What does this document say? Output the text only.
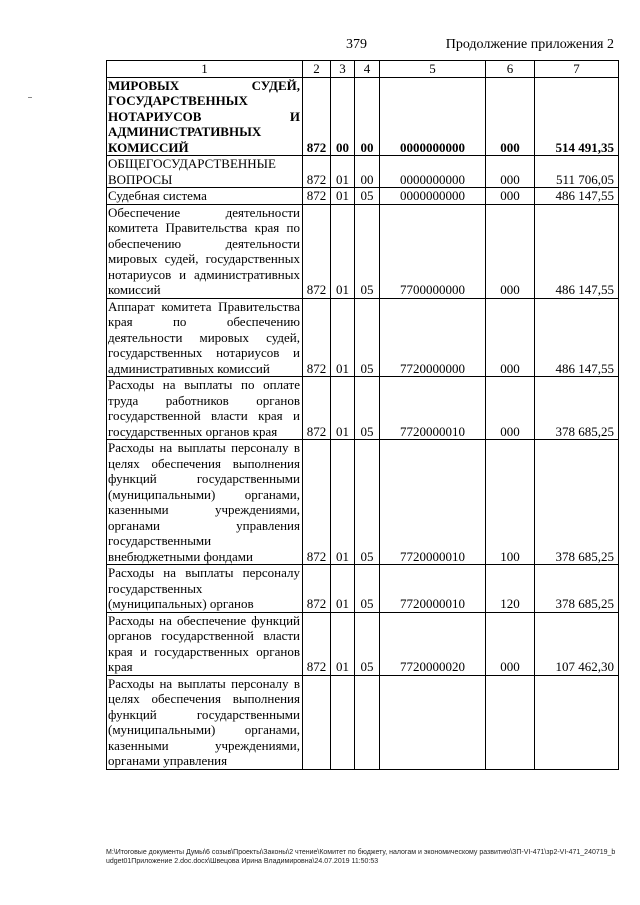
379	Продолжение приложения 2
1	2	3	4	5	6	7
МИРОВЫХ СУДЕЙ, ГОСУДАРСТВЕННЫХ НОТАРИУСОВ И АДМИНИСТРАТИВНЫХ КОМИССИЙ	872	00	00	0000000000	000	514 491,35
ОБЩЕГОСУДАРСТВЕННЫЕ ВОПРОСЫ	872	01	00	0000000000	000	511 706,05
Судебная система	872	01	05	0000000000	000	486 147,55
Обеспечение деятельности комитета Правительства края по обеспечению деятельности мировых судей, государственных нотариусов и административных комиссий	872	01	05	7700000000	000	486 147,55
Аппарат комитета Правительства края по обеспечению деятельности мировых судей, государственных нотариусов и административных комиссий	872	01	05	7720000000	000	486 147,55
Расходы на выплаты по оплате труда работников органов государственной власти края и государственных органов края	872	01	05	7720000010	000	378 685,25
Расходы на выплаты персоналу в целях обеспечения выполнения функций государственными (муниципальными) органами, казенными учреждениями, органами управления государственными внебюджетными фондами	872	01	05	7720000010	100	378 685,25
Расходы на выплаты персоналу государственных (муниципальных) органов	872	01	05	7720000010	120	378 685,25
Расходы на обеспечение функций органов государственной власти края и государственных органов края	872	01	05	7720000020	000	107 462,30
Расходы на выплаты персоналу в целях обеспечения выполнения функций государственными (муниципальными) органами, казенными учреждениями, органами управления						
М:\Итоговые документы Думы\6 созыв\Проекты\Законы\2 чтение\Комитет по бюджету, налогам и экономическому развитию\ЗП-VI-471\зр2-VI-471_240719_budget01Приложение 2.doc.docx\Швецова Ирина Владимировна\24.07.2019 11:50:53
